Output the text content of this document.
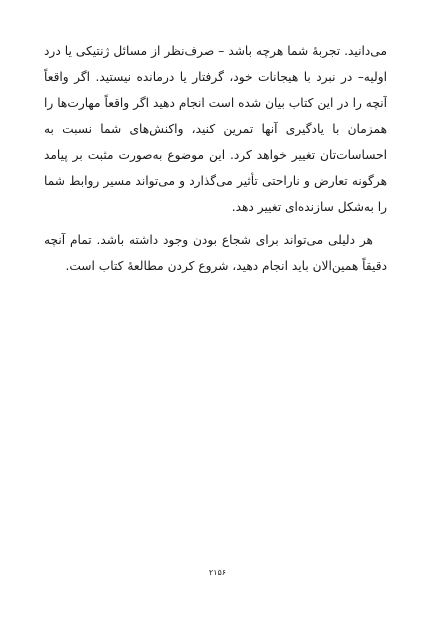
می‌دانید. تجربهٔ شما هرچه باشد – صرف‌نظر از مسائل ژنتیکی یا درد
اولیه– در نبرد با هیجانات خود، گرفتار یا درمانده نیستید. اگر واقعاً
آنچه را در این کتاب بیان شده است انجام دهید اگر واقعاً مهارت‌ها را
همزمان با یادگیری آنها تمرین کنید، واکنش‌های شما نسبت به
احساسات‌تان تغییر خواهد کرد. این موضوع به‌صورت مثبت بر پیامد
هرگونه تعارض و ناراحتی تأثیر می‌گذارد و می‌تواند مسیر روابط شما
را به‌شکل سازنده‌ای تغییر دهد.
هر دلیلی می‌تواند برای شجاع بودن وجود داشته باشد. تمام آنچه
دقیقاً همین‌الان باید انجام دهید، شروع کردن مطالعهٔ کتاب است.
۲۱۵۶
